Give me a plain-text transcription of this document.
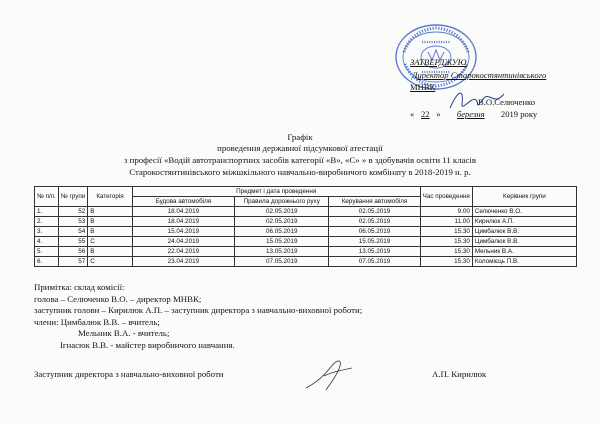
ЗАТВЕРДЖУЮ
Директор Старокостянтинівського
МНВК
В.О.Селюченко
« 22 » березня 2019 року
Графік
проведення державної підсумкової атестації
з професії «Водій автотранспортних засобів категорії «В», «С» » в здобувачів освіти 11 класів
Старокостянтинівського міжшкільного навчально-виробничого комбінату в 2018-2019 н. р.
№ п/п.	№ групи	Категорія	Предмет і дата проведення			Час проведення	Керівник групи
			Будова автомобіля	Правила дорожнього руху	Керування автомобіля		
1.	52	В	18.04.2019	02.05.2019	02.05.2019	9.00	Селюченко В.О.
2.	53	В	18.04.2019	02.05.2019	02.05.2019	11.00	Кирилюк А.П.
3.	54	В	15.04.2019	06.05.2019	06.05.2019	15.30	Цимбалюк В.В.
4.	55	С	24.04.2019	15.05.2019	15.05.2019	15.30	Цимбалюк В.В.
5.	56	В	22.04.2019	13.05.2019	13.05.2019	15.30	Мельник В.А.
6.	57	С	23.04.2019	07.05.2019	07.05.2019	15.30	Коломієць П.В.
Примітка: склад комісії:
голова – Селюченко В.О. – директор МНВК;
заступник голови – Кирилюк А.П. – заступник директора з навчально-виховної роботи;
члени: Цимбалюк В.В. – вчитель;
Мельник В.А. - вчитель;
Ігнасюк В.В. - майстер виробничого навчання.
Заступник директора з навчально-виховної роботи	А.П. Кирилюк
